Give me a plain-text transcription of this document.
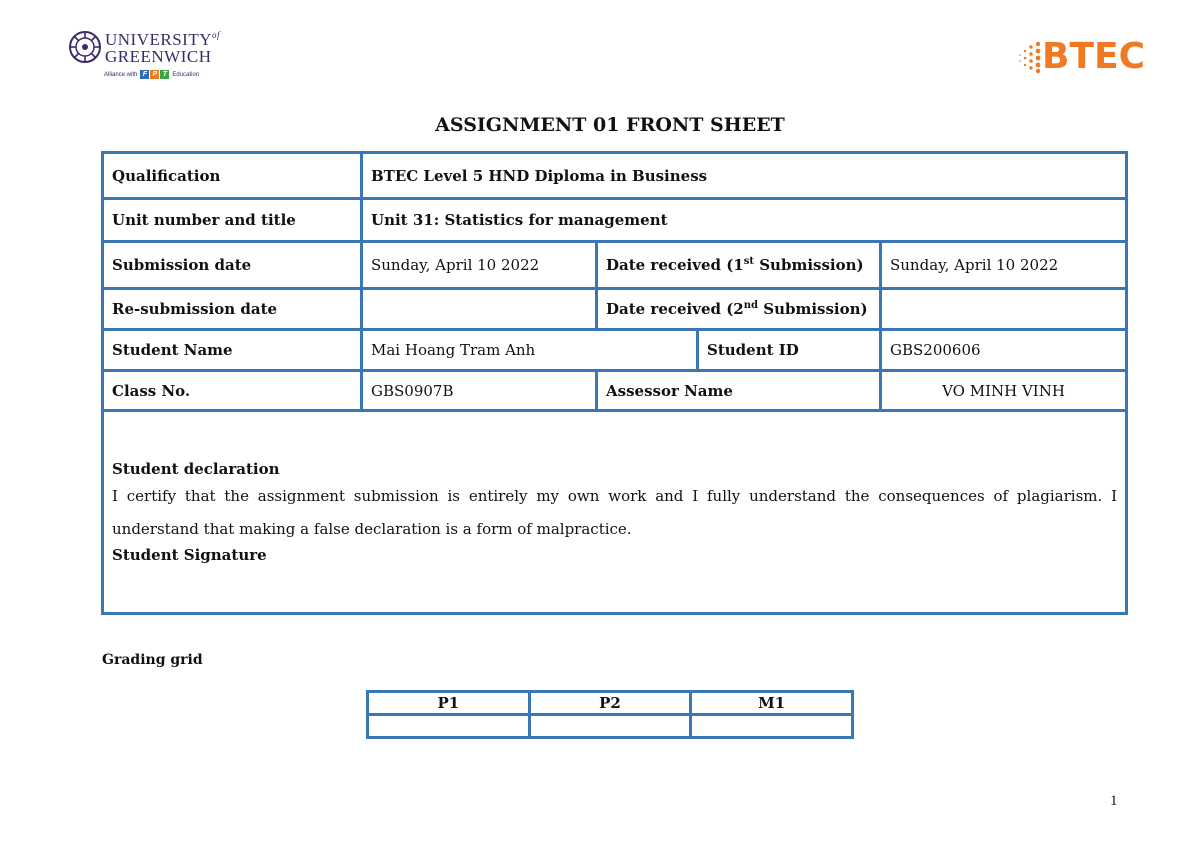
$UNIVERSITY^{of}$
GREENWICH
Alliance with F P T Education	BTEC
ASSIGNMENT 01 FRONT SHEET
Qualification	BTEC Level 5 HND Diploma in Business			
Unit number and title	Unit 31: Statistics for management			
Submission date	Sunday, April 10 2022	Date received (1st Submission)		Sunday, April 10 2022
Re-submission date		Date received (2nd Submission)		
Student Name	Mai Hoang Tram Anh		Student ID	GBS200606
Class No.	GBS0907B	Assessor Name		VO MINH VINH

Student declaration
I certify that the assignment submission is entirely my own work and I fully understand the consequences of plagiarism. I understand that making a false declaration is a form of malpractice.
Student Signature				
Grading grid
P1	P2	M1

1
